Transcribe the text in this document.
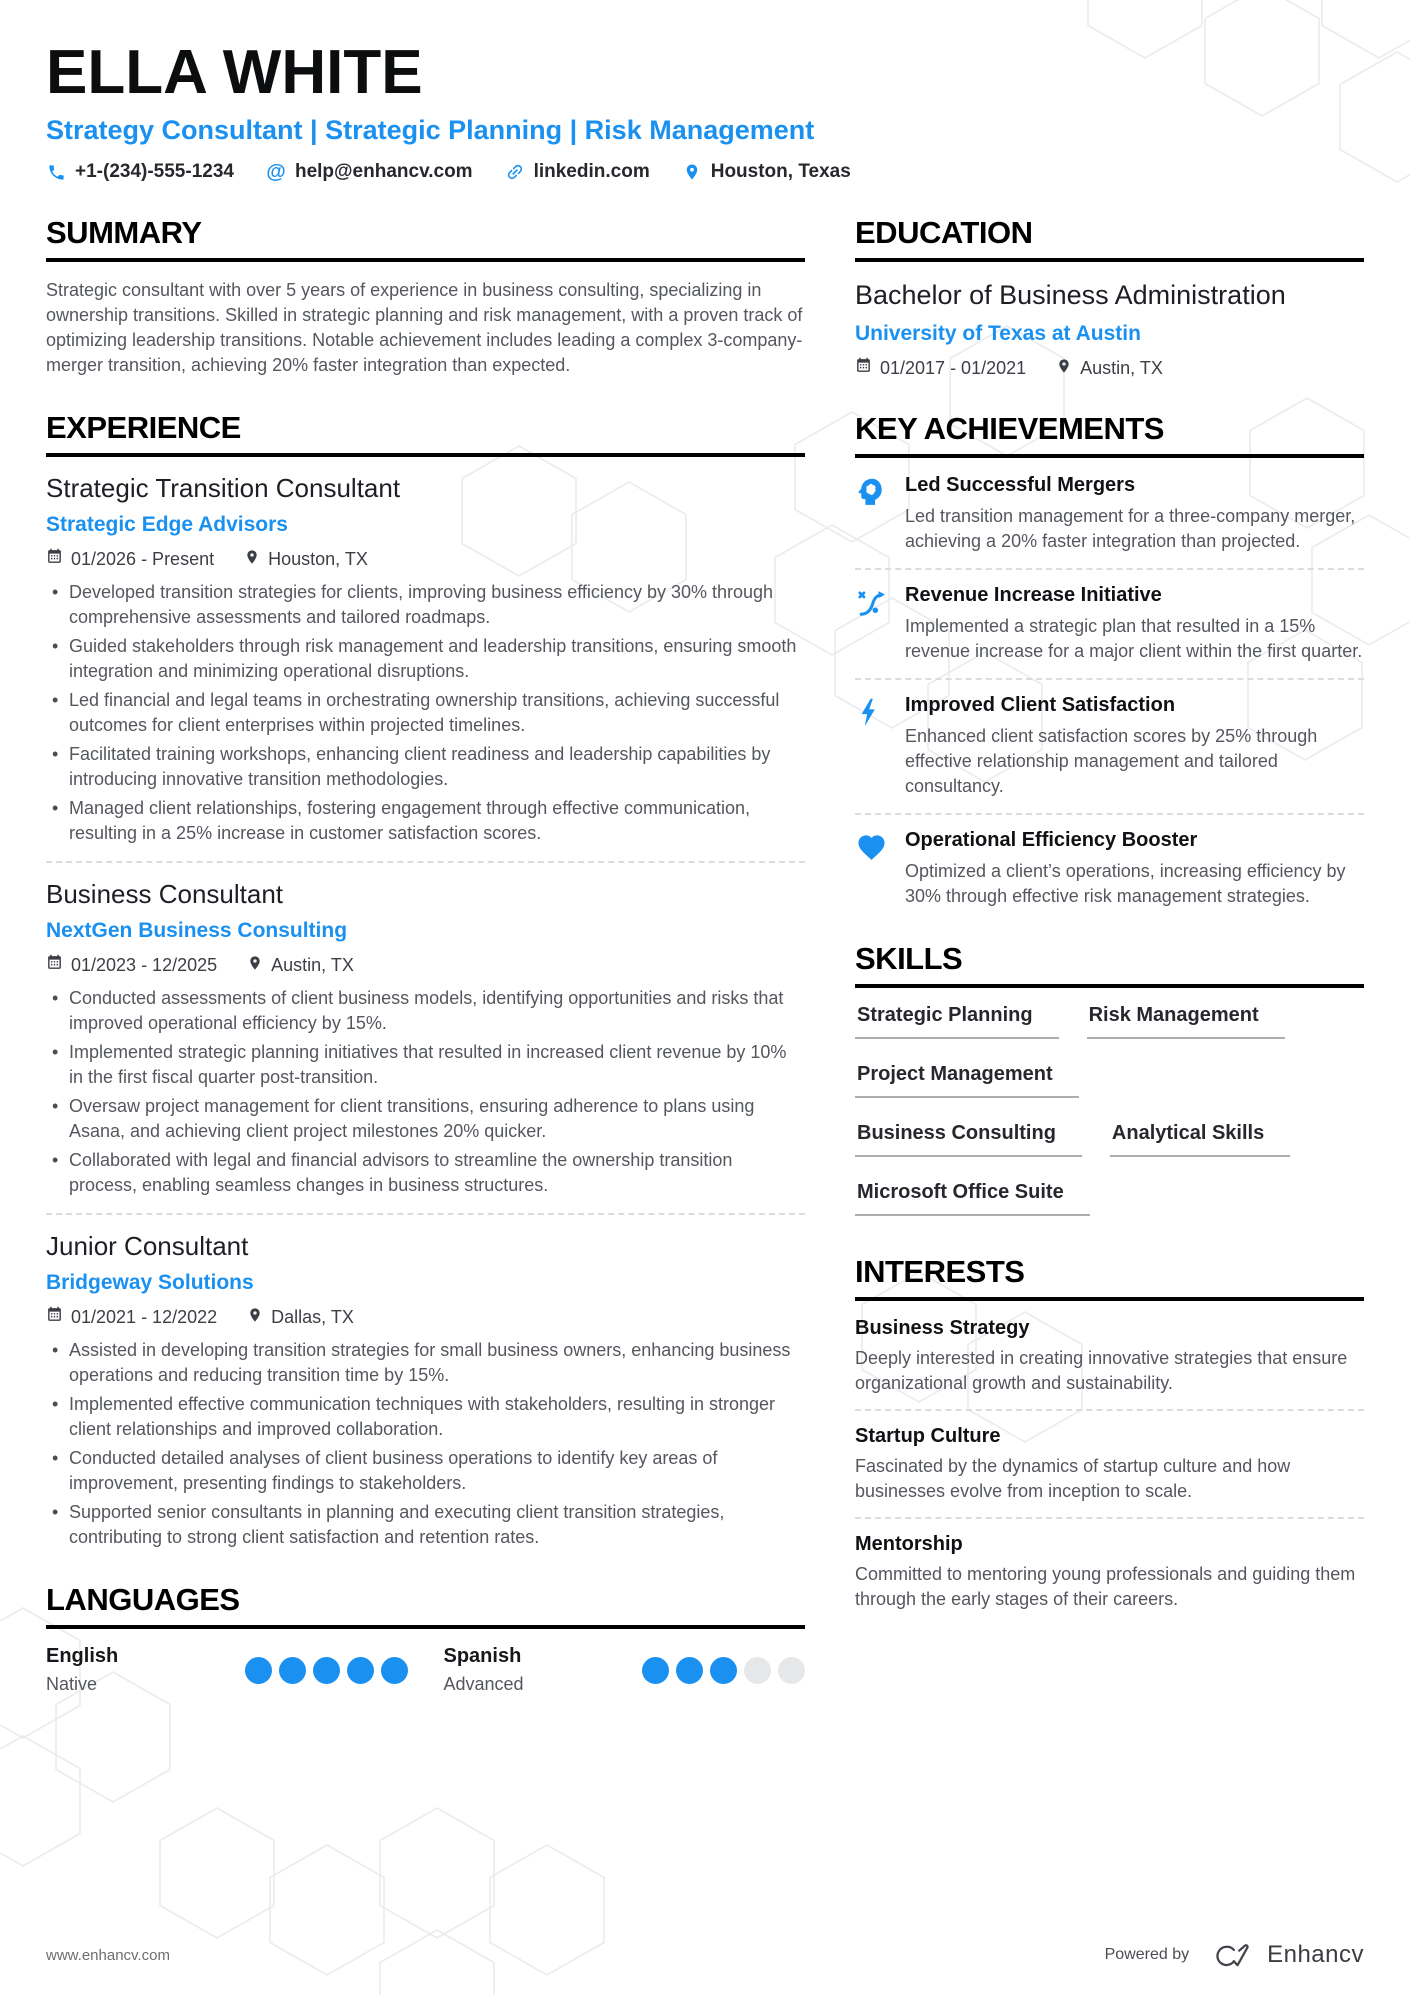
ELLA WHITE
Strategy Consultant | Strategic Planning | Risk Management
+1-(234)-555-1234 @ help@enhancv.com	linkedin.com	Houston, Texas
SUMMARY

Strategic consultant with over 5 years of experience in business consulting, specializing in ownership transitions. Skilled in strategic planning and risk management, with a proven track of optimizing leadership transitions. Notable achievement includes leading a complex 3-company-merger transition, achieving 20% faster integration than expected.

EXPERIENCE
Strategic Transition Consultant
Strategic Edge Advisors
01/2026 - Present	Houston, TX
• Developed transition strategies for clients, improving business efficiency by 30% through comprehensive assessments and tailored roadmaps.
• Guided stakeholders through risk management and leadership transitions, ensuring smooth integration and minimizing operational disruptions.
• Led financial and legal teams in orchestrating ownership transitions, achieving successful outcomes for client enterprises within projected timelines.
• Facilitated training workshops, enhancing client readiness and leadership capabilities by introducing innovative transition methodologies.
• Managed client relationships, fostering engagement through effective communication, resulting in a 25% increase in customer satisfaction scores.
Business Consultant
NextGen Business Consulting
01/2023 - 12/2025	Austin, TX
• Conducted assessments of client business models, identifying opportunities and risks that improved operational efficiency by 15%.
• Implemented strategic planning initiatives that resulted in increased client revenue by 10% in the first fiscal quarter post-transition.
• Oversaw project management for client transitions, ensuring adherence to plans using Asana, and achieving client project milestones 20% quicker.
• Collaborated with legal and financial advisors to streamline the ownership transition process, enabling seamless changes in business structures.
Junior Consultant
Bridgeway Solutions
01/2021 - 12/2022	Dallas, TX
• Assisted in developing transition strategies for small business owners, enhancing business operations and reducing transition time by 15%.
• Implemented effective communication techniques with stakeholders, resulting in stronger client relationships and improved collaboration.
• Conducted detailed analyses of client business operations to identify key areas of improvement, presenting findings to stakeholders.
• Supported senior consultants in planning and executing client transition strategies, contributing to strong client satisfaction and retention rates.
LANGUAGES
English
Native
Spanish
Advanced
EDUCATION
Bachelor of Business Administration
University of Texas at Austin
01/2017 - 01/2021	Austin, TX
KEY ACHIEVEMENTS
Led Successful Mergers
Led transition management for a three-company merger, achieving a 20% faster integration than projected.
Revenue Increase Initiative
Implemented a strategic plan that resulted in a 15% revenue increase for a major client within the first quarter.
Improved Client Satisfaction
Enhanced client satisfaction scores by 25% through effective relationship management and tailored consultancy.
Operational Efficiency Booster
Optimized a client’s operations, increasing efficiency by 30% through effective risk management strategies.
SKILLS
Strategic Planning	Risk Management
Project Management
Business Consulting	Analytical Skills
Microsoft Office Suite
INTERESTS
Business Strategy
Deeply interested in creating innovative strategies that ensure organizational growth and sustainability.
Startup Culture
Fascinated by the dynamics of startup culture and how businesses evolve from inception to scale.
Mentorship
Committed to mentoring young professionals and guiding them through the early stages of their careers.
www.enhancv.com	Powered by	Enhancv
